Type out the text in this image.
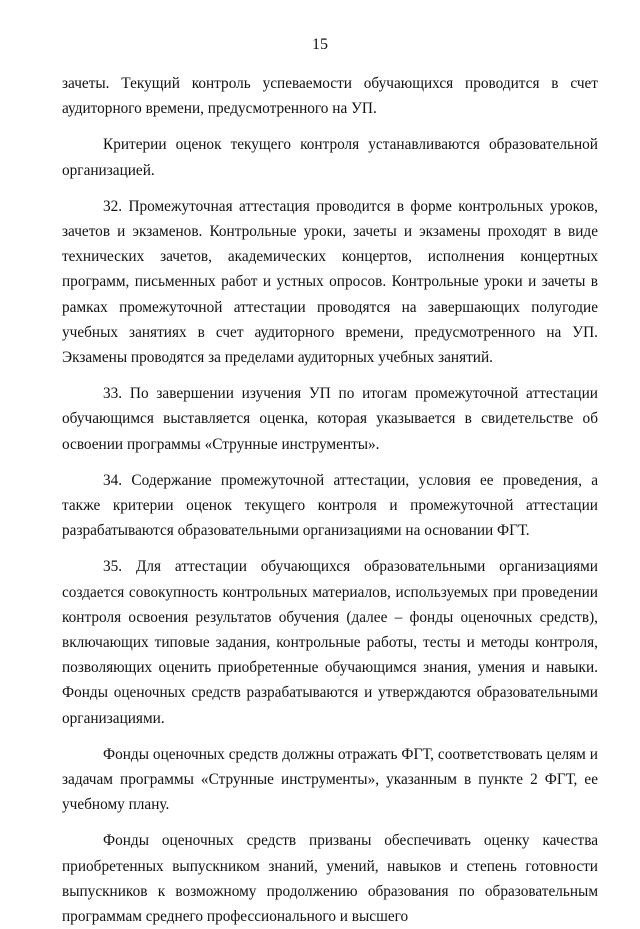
15

зачеты. Текущий контроль успеваемости обучающихся проводится в счет аудиторного времени, предусмотренного на УП.

Критерии оценок текущего контроля устанавливаются образовательной организацией.

32. Промежуточная аттестация проводится в форме контрольных уроков, зачетов и экзаменов. Контрольные уроки, зачеты и экзамены проходят в виде технических зачетов, академических концертов, исполнения концертных программ, письменных работ и устных опросов. Контрольные уроки и зачеты в рамках промежуточной аттестации проводятся на завершающих полугодие учебных занятиях в счет аудиторного времени, предусмотренного на УП. Экзамены проводятся за пределами аудиторных учебных занятий.

33. По завершении изучения УП по итогам промежуточной аттестации обучающимся выставляется оценка, которая указывается в свидетельстве об освоении программы «Струнные инструменты».

34. Содержание промежуточной аттестации, условия ее проведения, а также критерии оценок текущего контроля и промежуточной аттестации разрабатываются образовательными организациями на основании ФГТ.

35. Для аттестации обучающихся образовательными организациями создается совокупность контрольных материалов, используемых при проведении контроля освоения результатов обучения (далее – фонды оценочных средств), включающих типовые задания, контрольные работы, тесты и методы контроля, позволяющих оценить приобретенные обучающимся знания, умения и навыки. Фонды оценочных средств разрабатываются и утверждаются образовательными организациями.

Фонды оценочных средств должны отражать ФГТ, соответствовать целям и задачам программы «Струнные инструменты», указанным в пункте 2 ФГТ, ее учебному плану.

Фонды оценочных средств призваны обеспечивать оценку качества приобретенных выпускником знаний, умений, навыков и степень готовности выпускников к возможному продолжению образования по образовательным программам среднего профессионального и высшего
